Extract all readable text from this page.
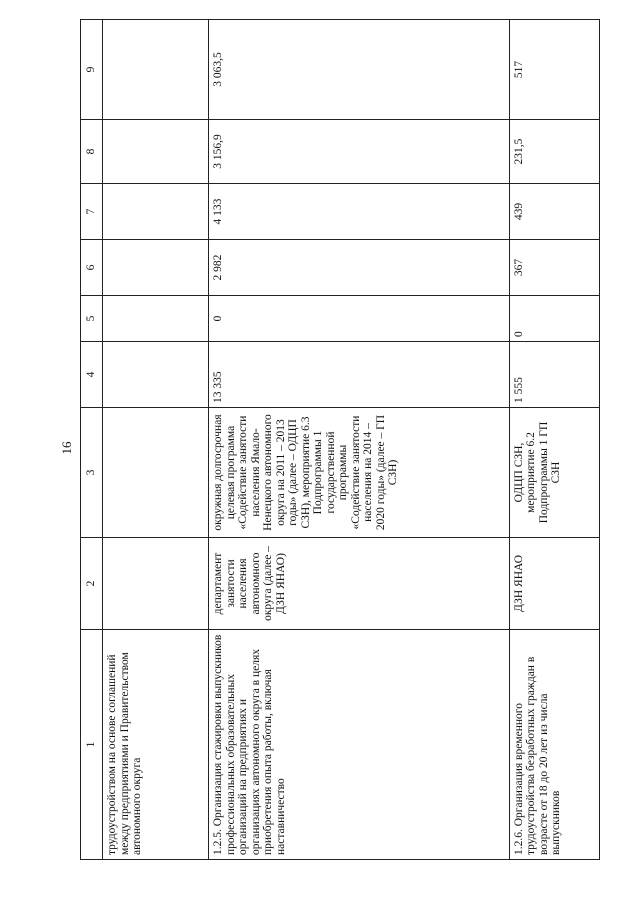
16
1	2	3	4	5	6	7	8	9
трудоустройством на основе соглашений между предприятиями и Правительством автономного округа								
1.2.5. Организация стажировки выпускников профессиональных образовательных организаций на предприятиях и организациях автономного округа в целях приобретения опыта работы, включая наставничество	департамент занятости населения автономного округа (далее – ДЗН ЯНАО)	окружная долгосрочная целевая программа «Содействие занятости населения Ямало-Ненецкого автономного округа на 2011 – 2013 годы» (далее – ОДЦП СЗН), мероприятие 6.3 Подпрограммы 1 государственной программы «Содействие занятости населения на 2014 – 2020 годы» (далее – ГП СЗН)	13 335	0	2 982	4 133	3 156,9	3 063,5
1.2.6. Организация временного трудоустройства безработных граждан в возрасте от 18 до 20 лет из числа выпускников	ДЗН ЯНАО	ОДЦП СЗН, мероприятие 6.2 Подпрограммы 1 ГП СЗН	1 555	0	367	439	231,5	517
